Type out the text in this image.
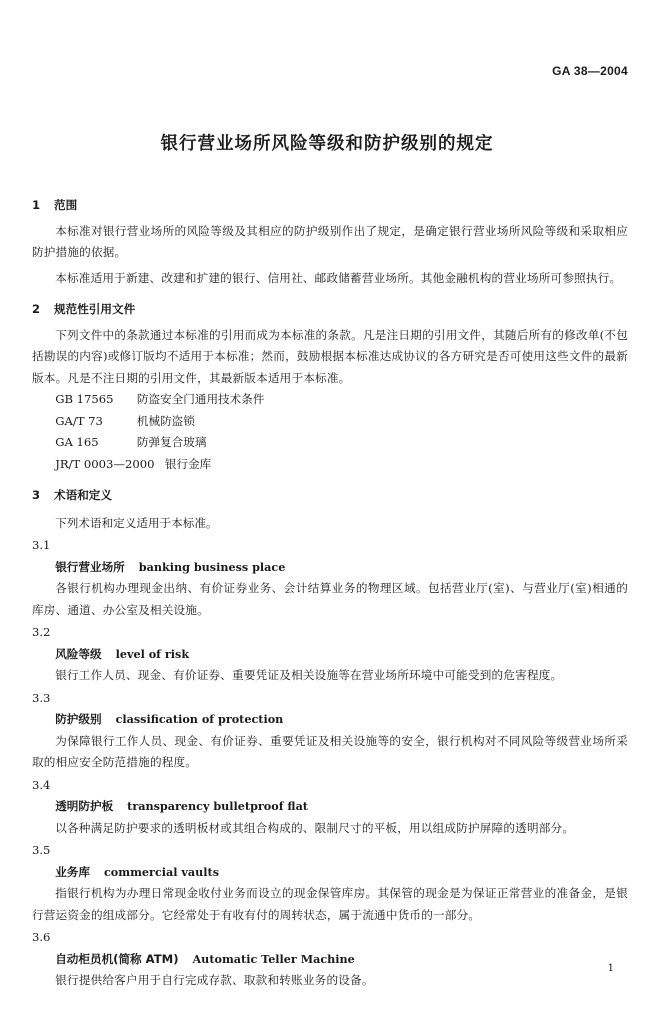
GA 38—2004
银行营业场所风险等级和防护级别的规定
1 范围
本标准对银行营业场所的风险等级及其相应的防护级别作出了规定，是确定银行营业场所风险等级和采取相应防护措施的依据。
本标准适用于新建、改建和扩建的银行、信用社、邮政储蓄营业场所。其他金融机构的营业场所可参照执行。
2 规范性引用文件
下列文件中的条款通过本标准的引用而成为本标准的条款。凡是注日期的引用文件，其随后所有的修改单(不包括勘误的内容)或修订版均不适用于本标准；然而，鼓励根据本标准达成协议的各方研究是否可使用这些文件的最新版本。凡是不注日期的引用文件，其最新版本适用于本标准。
GB 17565 防盗安全门通用技术条件
GA/T 73	机械防盗锁
GA 165	防弹复合玻璃
JR/T 0003—2000 银行金库
3 术语和定义
下列术语和定义适用于本标准。
3.1
银行营业场所 banking business place
各银行机构办理现金出纳、有价证券业务、会计结算业务的物理区域。包括营业厅(室)、与营业厅(室)相通的库房、通道、办公室及相关设施。
3.2
风险等级 level of risk
银行工作人员、现金、有价证券、重要凭证及相关设施等在营业场所环境中可能受到的危害程度。
3.3
防护级别 classification of protection
为保障银行工作人员、现金、有价证券、重要凭证及相关设施等的安全，银行机构对不同风险等级营业场所采取的相应安全防范措施的程度。
3.4
透明防护板 transparency bulletproof flat
以各种满足防护要求的透明板材或其组合构成的、限制尺寸的平板，用以组成防护屏障的透明部分。
3.5
业务库 commercial vaults
指银行机构为办理日常现金收付业务而设立的现金保管库房。其保管的现金是为保证正常营业的准备金，是银行营运资金的组成部分。它经常处于有收有付的周转状态，属于流通中货币的一部分。
3.6
自动柜员机(简称 ATM) Automatic Teller Machine
银行提供给客户用于自行完成存款、取款和转账业务的设备。
1
